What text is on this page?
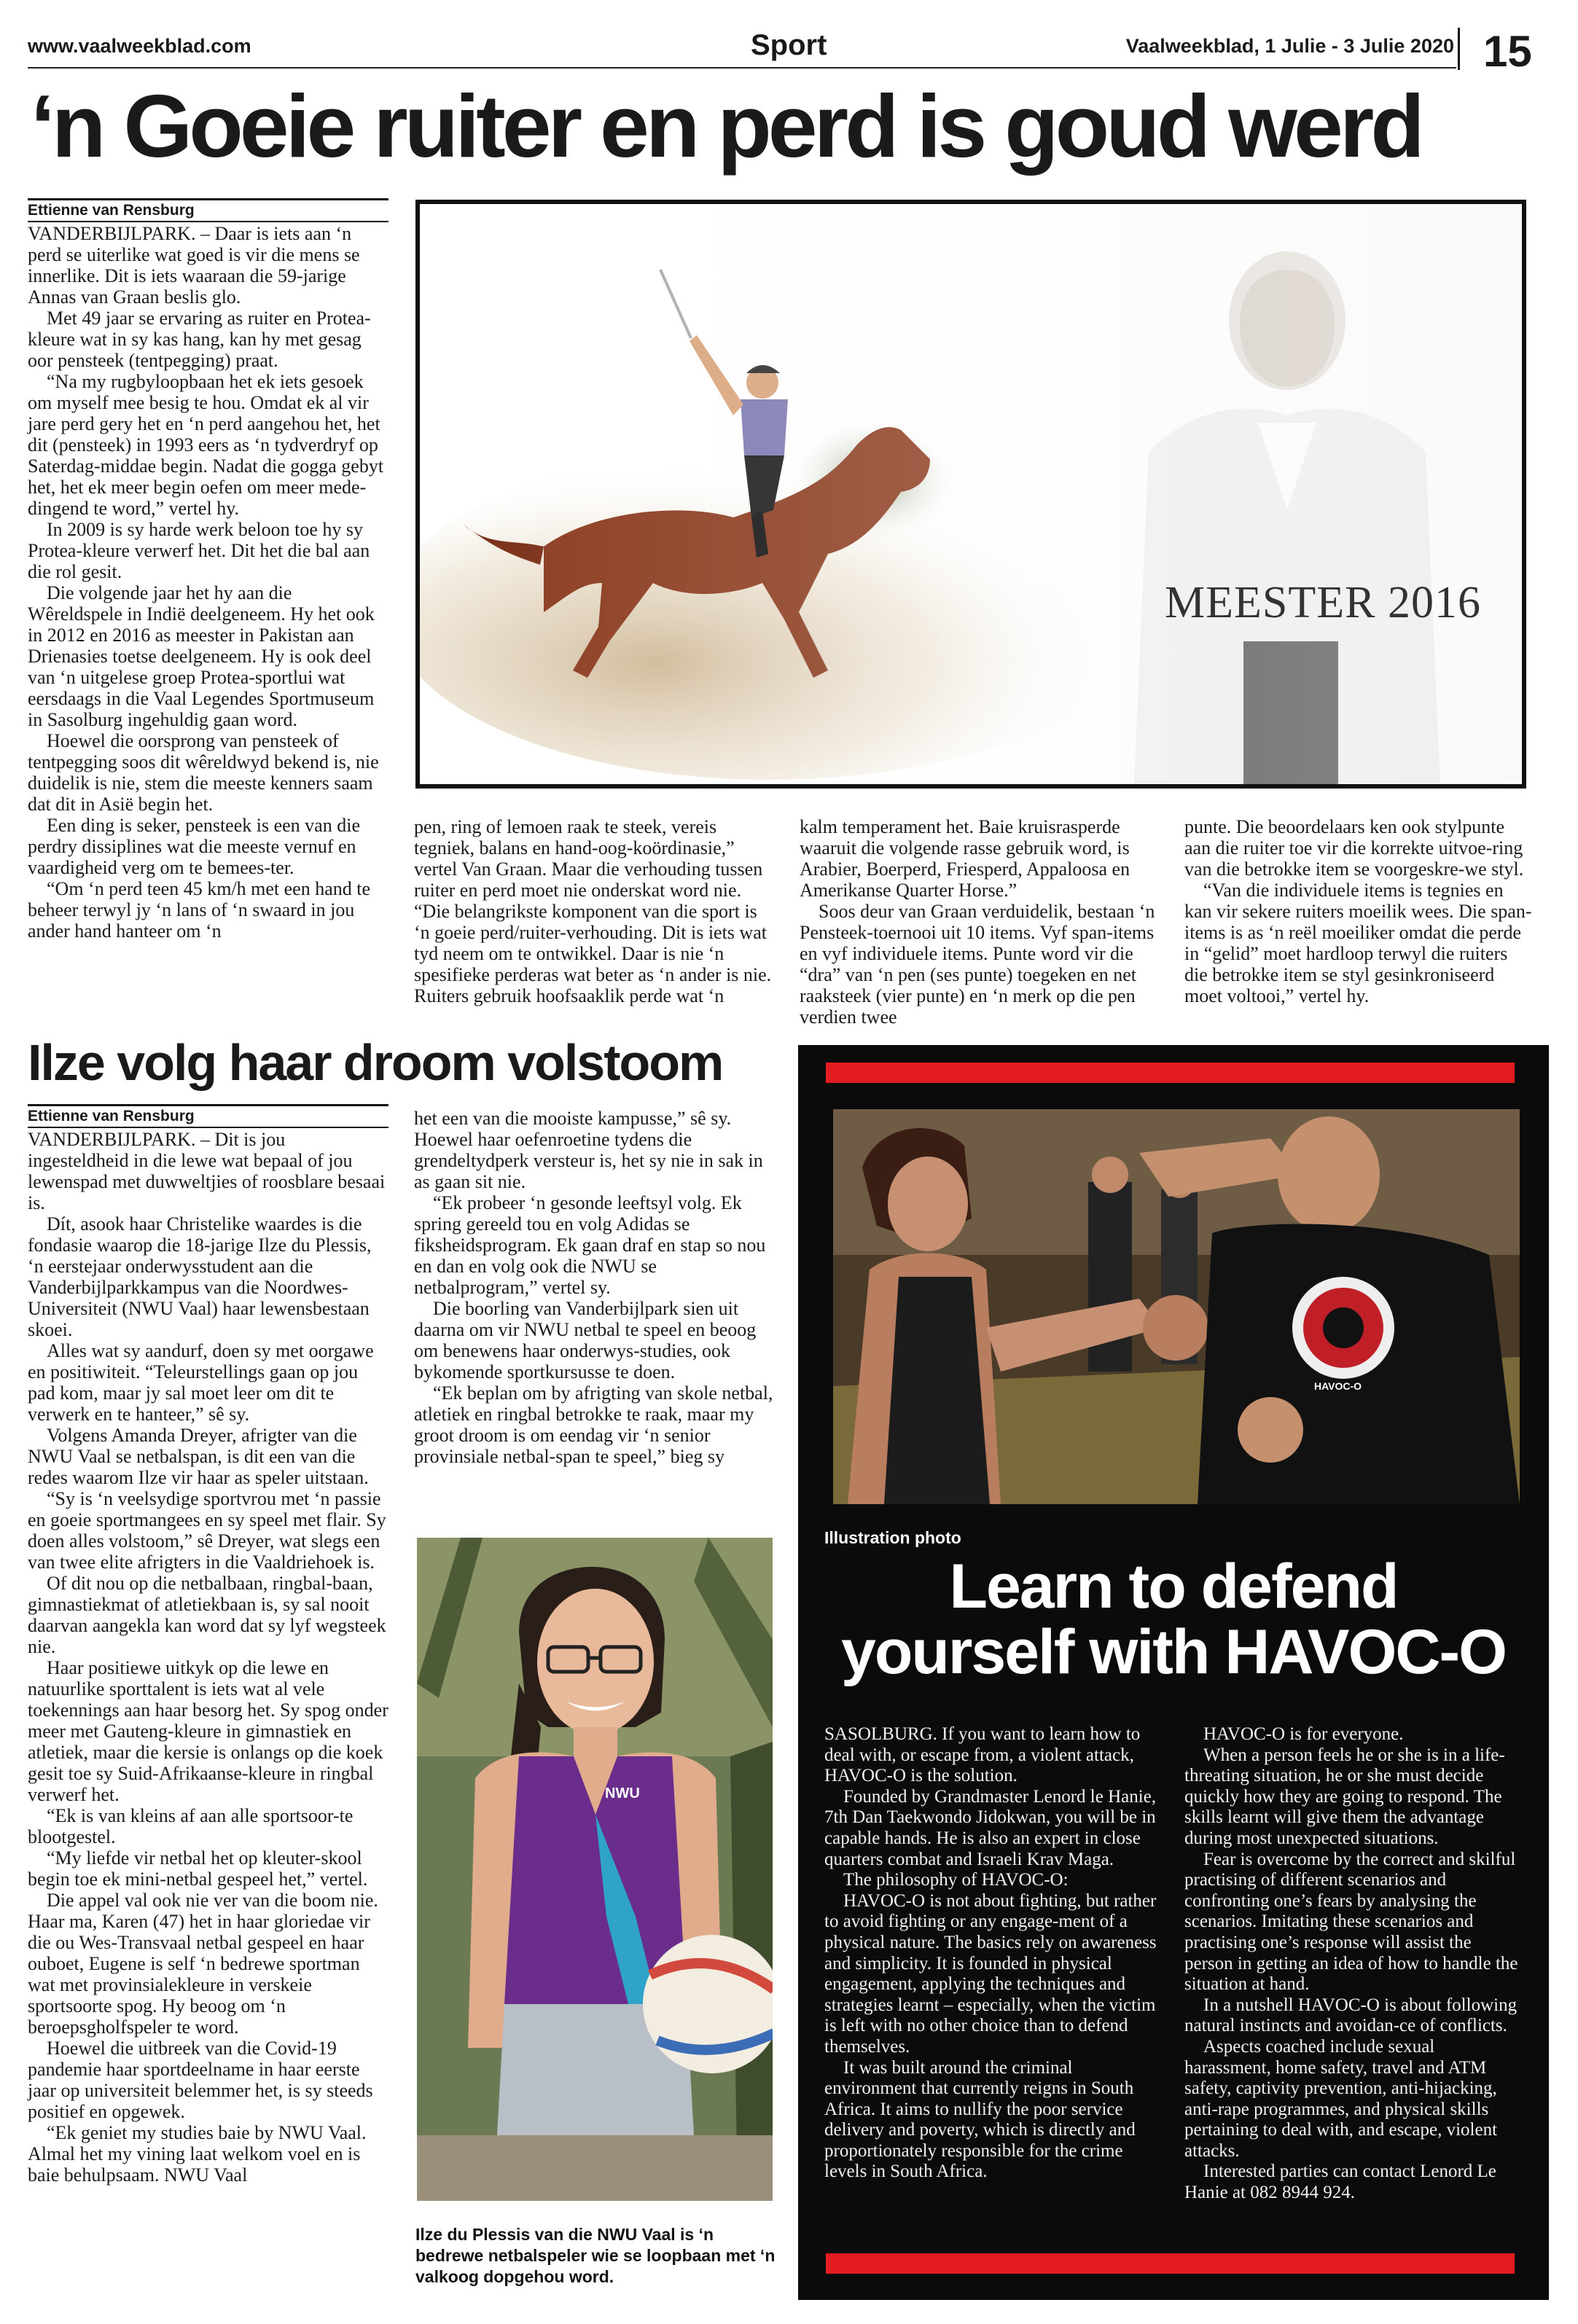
www.vaalweekblad.com	Sport	Vaalweekblad, 1 Julie - 3 Julie 2020 15
‘n Goeie ruiter en perd is goud werd
Ettienne van Rensburg

VANDERBIJLPARK. – Daar is iets aan ‘n perd se uiterlike wat goed is vir die mens se innerlike. Dit is iets waaraan die 59-jarige Annas van Graan beslis glo.

Met 49 jaar se ervaring as ruiter en Protea-kleure wat in sy kas hang, kan hy met gesag oor pensteek (tentpegging) praat.

“Na my rugbyloopbaan het ek iets gesoek om myself mee besig te hou. Omdat ek al vir jare perd gery het en ‘n perd aangehou het, het dit (pensteek) in 1993 eers as ‘n tydverdryf op Saterdag-middae begin. Nadat die gogga gebyt het, het ek meer begin oefen om meer mede-dingend te word,” vertel hy.

In 2009 is sy harde werk beloon toe hy sy Protea-kleure verwerf het. Dit het die bal aan die rol gesit.

Die volgende jaar het hy aan die Wêreldspele in Indië deelgeneem. Hy het ook in 2012 en 2016 as meester in Pakistan aan Drienasies toetse deelgeneem. Hy is ook deel van ‘n uitgelese groep Protea-sportlui wat eersdaags in die Vaal Legendes Sportmuseum in Sasolburg ingehuldig gaan word.

Hoewel die oorsprong van pensteek of tentpegging soos dit wêreldwyd bekend is, nie duidelik is nie, stem die meeste kenners saam dat dit in Asië begin het.

Een ding is seker, pensteek is een van die perdry dissiplines wat die meeste vernuf en vaardigheid verg om te bemees-ter.

“Om ‘n perd teen 45 km/h met een hand te beheer terwyl jy ‘n lans of ‘n swaard in jou ander hand hanteer om ‘n

MEESTER 2016

pen, ring of lemoen raak te steek, vereis tegniek, balans en hand-oog-koördinasie,” vertel Van Graan. Maar die verhouding tussen ruiter en perd moet nie onderskat word nie. “Die belangrikste komponent van die sport is ‘n goeie perd/ruiter-verhouding. Dit is iets wat tyd neem om te ontwikkel. Daar is nie ‘n spesifieke perderas wat beter as ‘n ander is nie. Ruiters gebruik hoofsaaklik perde wat ‘n

kalm temperament het. Baie kruisrasperde waaruit die volgende rasse gebruik word, is Arabier, Boerperd, Friesperd, Appaloosa en Amerikanse Quarter Horse.”

Soos deur van Graan verduidelik, bestaan ‘n Pensteek-toernooi uit 10 items. Vyf span-items en vyf individuele items. Punte word vir die “dra” van ‘n pen (ses punte) toegeken en net raaksteek (vier punte) en ‘n merk op die pen verdien twee

punte. Die beoordelaars ken ook stylpunte aan die ruiter toe vir die korrekte uitvoe-ring van die betrokke item se voorgeskre-we styl.

“Van die individuele items is tegnies en kan vir sekere ruiters moeilik wees. Die span-items is as ‘n reël moeiliker omdat die perde in “gelid” moet hardloop terwyl die ruiters die betrokke item se styl gesinkroniseerd moet voltooi,” vertel hy.

Ilze volg haar droom volstoom
Ettienne van Rensburg

VANDERBIJLPARK. – Dit is jou ingesteldheid in die lewe wat bepaal of jou lewenspad met duwweltjies of roosblare besaai is.

Dít, asook haar Christelike waardes is die fondasie waarop die 18-jarige Ilze du Plessis, ‘n eerstejaar onderwysstudent aan die Vanderbijlparkkampus van die Noordwes-Universiteit (NWU Vaal) haar lewensbestaan skoei.

Alles wat sy aandurf, doen sy met oorgawe en positiwiteit. “Teleurstellings gaan op jou pad kom, maar jy sal moet leer om dit te verwerk en te hanteer,” sê sy.

Volgens Amanda Dreyer, afrigter van die NWU Vaal se netbalspan, is dit een van die redes waarom Ilze vir haar as speler uitstaan.

“Sy is ‘n veelsydige sportvrou met ‘n passie en goeie sportmangees en sy speel met flair. Sy doen alles volstoom,” sê Dreyer, wat slegs een van twee elite afrigters in die Vaaldriehoek is.

Of dit nou op die netbalbaan, ringbal-baan, gimnastiekmat of atletiekbaan is, sy sal nooit daarvan aangekla kan word dat sy lyf wegsteek nie.

Haar positiewe uitkyk op die lewe en natuurlike sporttalent is iets wat al vele toekennings aan haar besorg het. Sy spog onder meer met Gauteng-kleure in gimnastiek en atletiek, maar die kersie is onlangs op die koek gesit toe sy Suid-Afrikaanse-kleure in ringbal verwerf het.

“Ek is van kleins af aan alle sportsoor-te blootgestel.

“My liefde vir netbal het op kleuter-skool begin toe ek mini-netbal gespeel het,” vertel.

Die appel val ook nie ver van die boom nie. Haar ma, Karen (47) het in haar gloriedae vir die ou Wes-Transvaal netbal gespeel en haar ouboet, Eugene is self ‘n bedrewe sportman wat met provinsialekleure in verskeie sportsoorte spog. Hy beoog om ‘n beroepsgholfspeler te word.

Hoewel die uitbreek van die Covid-19 pandemie haar sportdeelname in haar eerste jaar op universiteit belemmer het, is sy steeds positief en opgewek.

“Ek geniet my studies baie by NWU Vaal. Almal het my vining laat welkom voel en is baie behulpsaam. NWU Vaal

het een van die mooiste kampusse,” sê sy. Hoewel haar oefenroetine tydens die grendeltydperk versteur is, het sy nie in sak in as gaan sit nie.

“Ek probeer ‘n gesonde leeftsyl volg. Ek spring gereeld tou en volg Adidas se fiksheidsprogram. Ek gaan draf en stap so nou en dan en volg ook die NWU se netbalprogram,” vertel sy.

Die boorling van Vanderbijlpark sien uit daarna om vir NWU netbal te speel en beoog om benewens haar onderwys-studies, ook bykomende sportkursusse te doen.

“Ek beplan om by afrigting van skole netbal, atletiek en ringbal betrokke te raak, maar my groot droom is om eendag vir ‘n senior provinsiale netbal-span te speel,” bieg sy

NWU
Ilze du Plessis van die NWU Vaal is ‘n bedrewe netbalspeler wie se loopbaan met ‘n valkoog dopgehou word.
HAVOC-O
Illustration photo
Learn to defend
yourself with HAVOC-O

SASOLBURG. If you want to learn how to deal with, or escape from, a violent attack, HAVOC-O is the solution.

Founded by Grandmaster Lenord le Hanie, 7th Dan Taekwondo Jidokwan, you will be in capable hands. He is also an expert in close quarters combat and Israeli Krav Maga.

The philosophy of HAVOC-O:

HAVOC-O is not about fighting, but rather to avoid fighting or any engage-ment of a physical nature. The basics rely on awareness and simplicity. It is founded in physical engagement, applying the techniques and strategies learnt – especially, when the victim is left with no other choice than to defend themselves.

It was built around the criminal environment that currently reigns in South Africa. It aims to nullify the poor service delivery and poverty, which is directly and proportionately responsible for the crime levels in South Africa.

HAVOC-O is for everyone.

When a person feels he or she is in a life-threating situation, he or she must decide quickly how they are going to respond. The skills learnt will give them the advantage during most unexpected situations.

Fear is overcome by the correct and skilful practising of different scenarios and confronting one’s fears by analysing the scenarios. Imitating these scenarios and practising one’s response will assist the person in getting an idea of how to handle the situation at hand.

In a nutshell HAVOC-O is about following natural instincts and avoidan-ce of conflicts.

Aspects coached include sexual harassment, home safety, travel and ATM safety, captivity prevention, anti-hijacking, anti-rape programmes, and physical skills pertaining to deal with, and escape, violent attacks.

Interested parties can contact Lenord Le Hanie at 082 8944 924.
